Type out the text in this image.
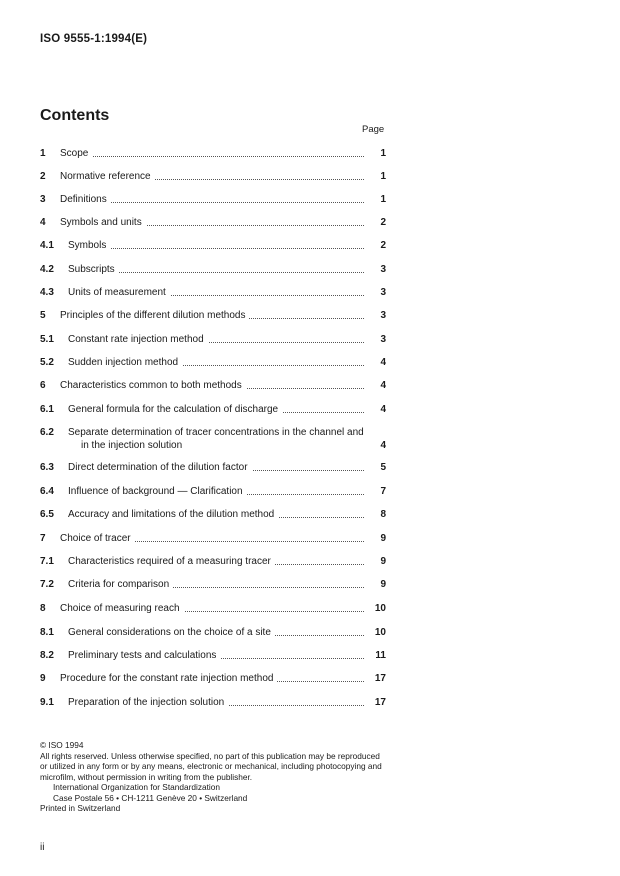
ISO 9555-1:1994(E)
Contents
Page
1 Scope	1
2 Normative reference	1
3 Definitions	1
4 Symbols and units	2
4.1 Symbols	2
4.2 Subscripts	3
4.3 Units of measurement	3
5 Principles of the different dilution methods	3
5.1 Constant rate injection method	3
5.2 Sudden injection method	4
6 Characteristics common to both methods	4
6.1 General formula for the calculation of discharge	4
6.2 Separate determination of tracer concentrations in the channel and
in the injection solution	4
6.3 Direct determination of the dilution factor	5
6.4 Influence of background — Clarification	7
6.5 Accuracy and limitations of the dilution method	8
7 Choice of tracer	9
7.1 Characteristics required of a measuring tracer	9
7.2 Criteria for comparison	9
8 Choice of measuring reach	10
8.1 General considerations on the choice of a site	10
8.2 Preliminary tests and calculations	11
9 Procedure for the constant rate injection method	17
9.1 Preparation of the injection solution	17
© ISO 1994
All rights reserved. Unless otherwise specified, no part of this publication may be reproduced
or utilized in any form or by any means, electronic or mechanical, including photocopying and
microfilm, without permission in writing from the publisher.
International Organization for Standardization
Case Postale 56 • CH-1211 Genève 20 • Switzerland
Printed in Switzerland
ii
